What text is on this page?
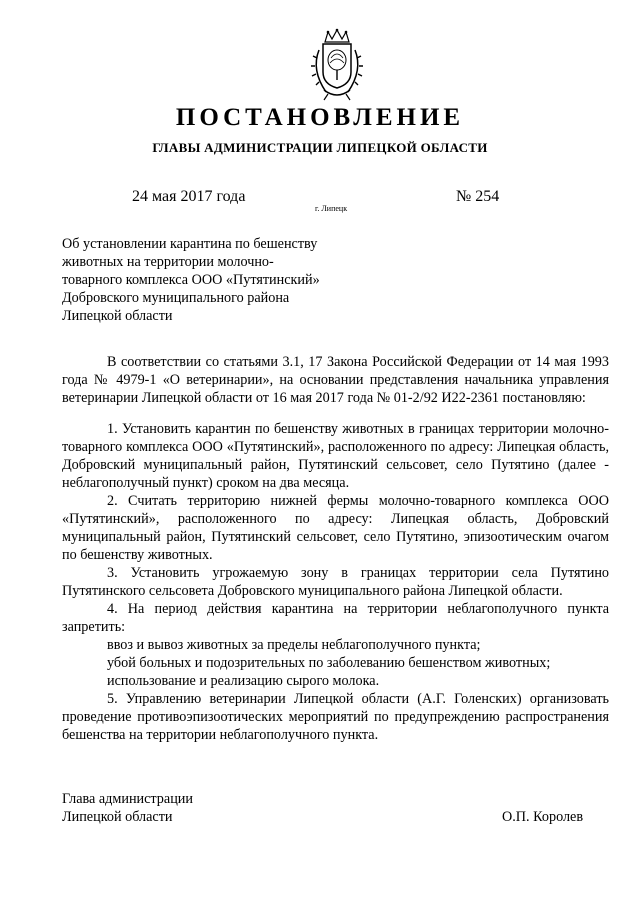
ПОСТАНОВЛЕНИЕ
ГЛАВЫ АДМИНИСТРАЦИИ ЛИПЕЦКОЙ ОБЛАСТИ
24 мая 2017 года
г. Липецк
№ 254
Об установлении карантина по бешенству
животных на территории молочно-
товарного комплекса ООО «Путятинский»
Добровского муниципального района
Липецкой области

В соответствии со статьями 3.1, 17 Закона Российской Федерации от 14 мая 1993 года № 4979-1 «О ветеринарии», на основании представления начальника управления ветеринарии Липецкой области от 16 мая 2017 года № 01-2/92 И22-2361 постановляю:

1. Установить карантин по бешенству животных в границах территории молочно-товарного комплекса ООО «Путятинский», расположенного по адресу: Липецкая область, Добровский муниципальный район, Путятинский сельсовет, село Путятино (далее - неблагополучный пункт) сроком на два месяца.

2. Считать территорию нижней фермы молочно-товарного комплекса ООО «Путятинский», расположенного по адресу: Липецкая область, Добровский муниципальный район, Путятинский сельсовет, село Путятино, эпизоотическим очагом по бешенству животных.

3. Установить угрожаемую зону в границах территории села Путятино Путятинского сельсовета Добровского муниципального района Липецкой области.

4. На период действия карантина на территории неблагополучного пункта запретить:

ввоз и вывоз животных за пределы неблагополучного пункта;

убой больных и подозрительных по заболеванию бешенством животных;

использование и реализацию сырого молока.

5. Управлению ветеринарии Липецкой области (А.Г. Голенских) организовать проведение противоэпизоотических мероприятий по предупреждению распространения бешенства на территории неблагополучного пункта.

Глава администрации
Липецкой области	О.П. Королев
